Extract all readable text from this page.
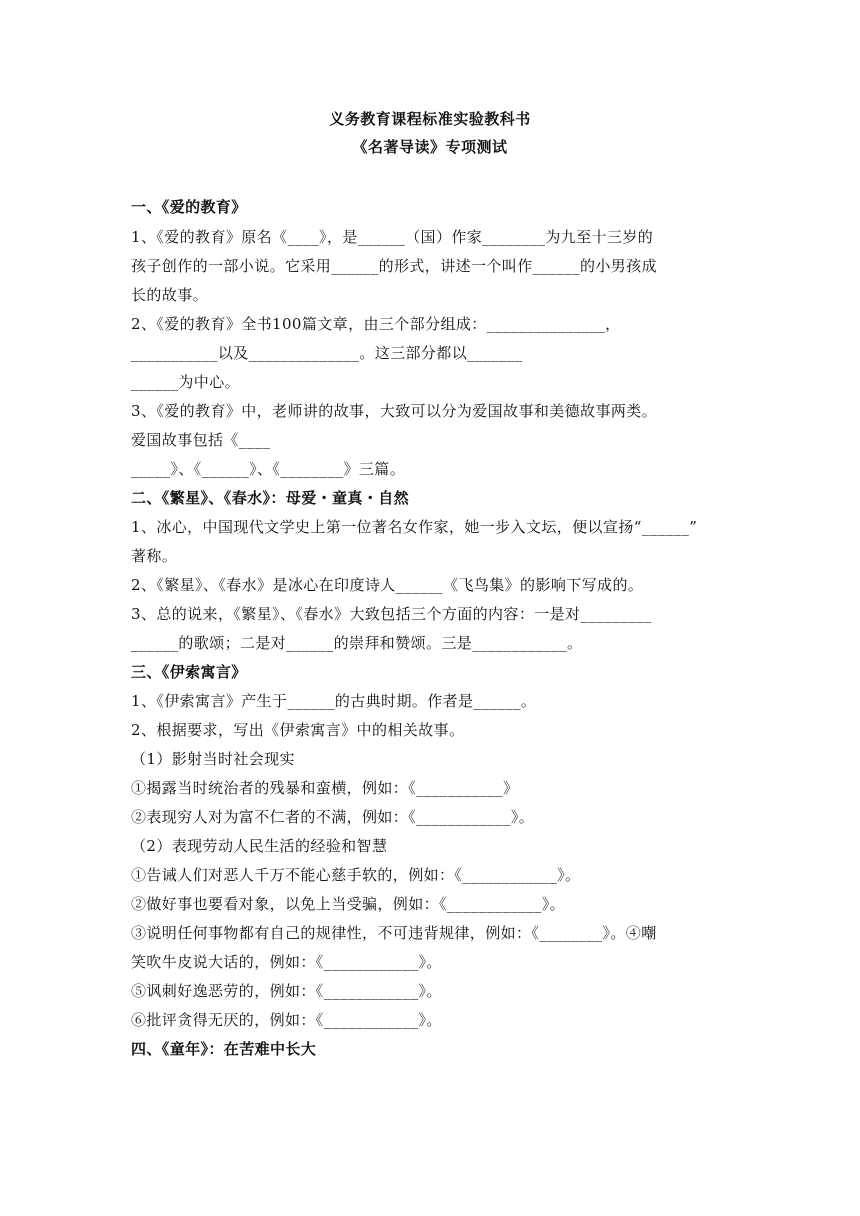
义务教育课程标准实验教科书
《名著导读》专项测试
一、《爱的教育》
1、《爱的教育》原名《____》，是______（国）作家________为九至十三岁的
孩子创作的一部小说。它采用______的形式，讲述一个叫作______的小男孩成
长的故事。
2、《爱的教育》全书100篇文章，由三个部分组成：_______________，
___________以及______________。这三部分都以_______
______为中心。
3、《爱的教育》中，老师讲的故事，大致可以分为爱国故事和美德故事两类。
爱国故事包括《____
_____》、《______》、《________》三篇。
二、《繁星》、《春水》：母爱・童真・自然
1、冰心，中国现代文学史上第一位著名女作家，她一步入文坛，便以宣扬“______”
著称。
2、《繁星》、《春水》是冰心在印度诗人______《飞鸟集》的影响下写成的。
3、总的说来，《繁星》、《春水》大致包括三个方面的内容：一是对_________
______的歌颂；二是对______的崇拜和赞颂。三是____________。
三、《伊索寓言》
1、《伊索寓言》产生于______的古典时期。作者是______。
2、根据要求，写出《伊索寓言》中的相关故事。
（1）影射当时社会现实
①揭露当时统治者的残暴和蛮横，例如：《___________》
②表现穷人对为富不仁者的不满，例如：《____________》。
（2）表现劳动人民生活的经验和智慧
①告诫人们对恶人千万不能心慈手软的，例如：《____________》。
②做好事也要看对象，以免上当受骗，例如：《____________》。
③说明任何事物都有自己的规律性，不可违背规律，例如：《________》。④嘲
笑吹牛皮说大话的，例如：《____________》。
⑤讽刺好逸恶劳的，例如：《____________》。
⑥批评贪得无厌的，例如：《____________》。
四、《童年》：在苦难中长大
